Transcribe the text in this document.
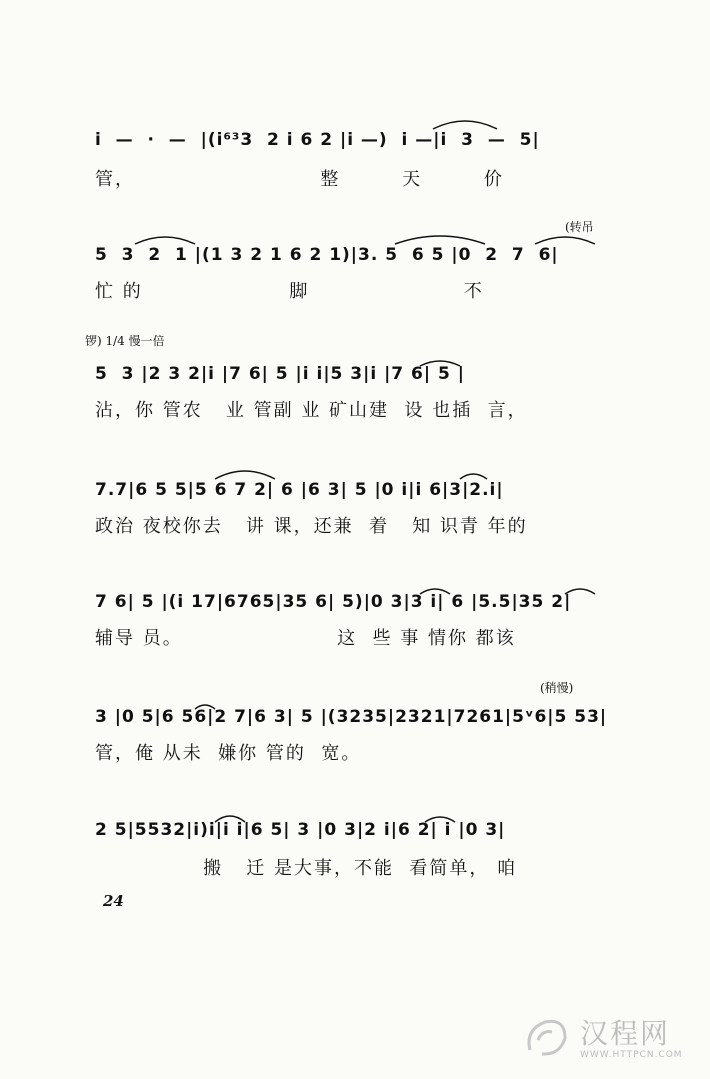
i  —  ·  —  |(i⁶³3  2 i 6 2 |i —)  i —|i  3  —  5|
管，                        整        天        价
(转吊
5  3  2  1 |(1 3 2 1 6 2 1)|3. 5  6 5 |0  2  7  6|
忙 的                   脚                    不
锣) 1/4 慢一倍
5  3 |2 3 2|i |7 6| 5 |i i|5 3|i |7 6| 5 |
沾，你 管农   业 管副 业 矿山建  设 也插  言，
7.7|6 5 5|5 6 7 2| 6 |6 3| 5 |0 i|i 6|3|2.i|
政治 夜校你去   讲 课，还兼  着   知 识青 年的
7 6| 5 |(i 17|6765|35 6| 5)|0 3|3 i| 6 |5.5|35 2|
辅导 员。                    这  些 事 情你 都该
(稍慢)
3 |0 5|6 56|2 7|6 3| 5 |(3235|2321|7261|5ᵛ6|5 53|
管，俺 从未  嫌你 管的  宽。
2 5|5532|i)i|i i|6 5| 3 |0 3|2 i|6 2| i |0 3|
搬   迁 是大事，不能  看简单， 咱
24
汉程网
WWW.HTTPCN.COM
